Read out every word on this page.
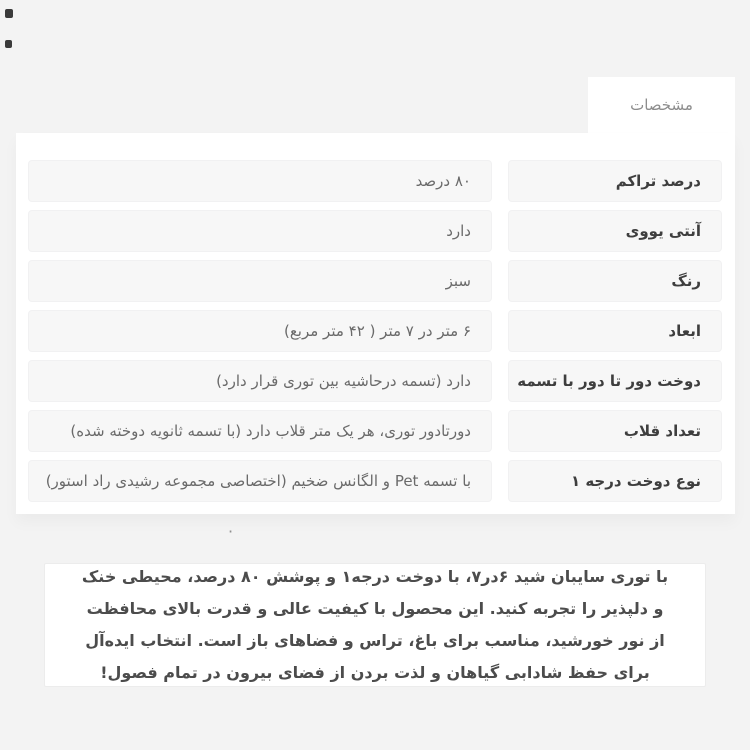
مشخصات
درصد تراکم
۸۰ درصد
آنتی یووی
دارد
رنگ
سبز
ابعاد
۶ متر در ۷ متر ( ۴۲ متر مربع)
دوخت دور تا دور با تسمه
دارد (تسمه درحاشیه بین توری قرار دارد)
تعداد قلاب
دورتادور توری، هر یک متر قلاب دارد (با تسمه ثانویه دوخته شده)
نوع دوخت درجه ۱
با تسمه Pet و الگانس ضخیم (اختصاصی مجموعه رشیدی راد استور)
·

با توری سایبان شید ۶در۷، با دوخت درجه۱ و پوشش ۸۰ درصد، محیطی خنک و دلپذیر را تجربه کنید. این محصول با کیفیت عالی و قدرت بالای محافظت از نور خورشید، مناسب برای باغ، تراس و فضاهای باز است. انتخاب ایده‌آل برای حفظ شادابی گیاهان و لذت بردن از فضای بیرون در تمام فصول!
